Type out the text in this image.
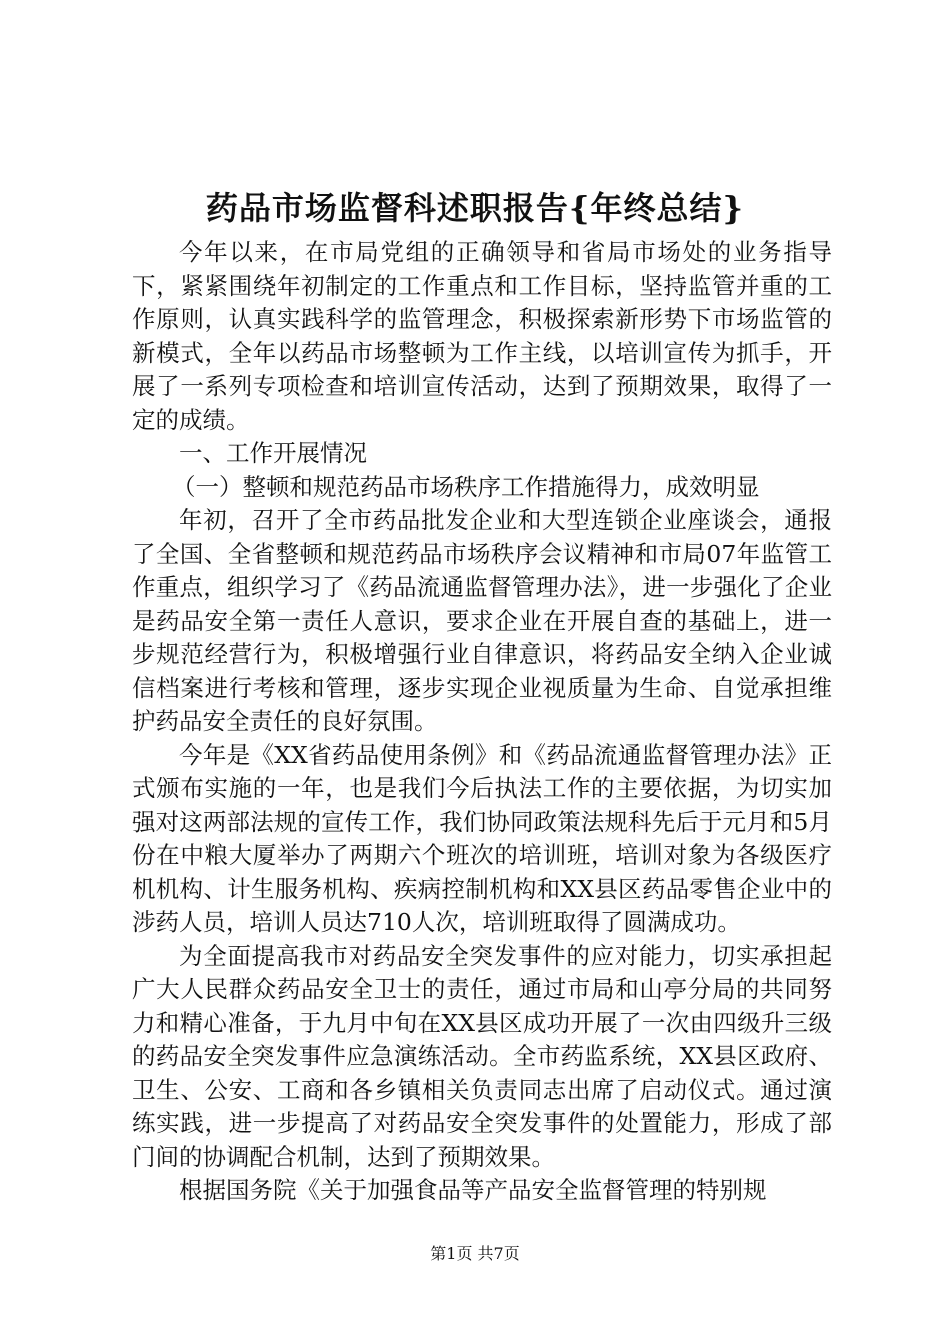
药品市场监督科述职报告{年终总结}

今年以来，在市局党组的正确领导和省局市场处的业务指导下，紧紧围绕年初制定的工作重点和工作目标，坚持监管并重的工作原则，认真实践科学的监管理念，积极探索新形势下市场监管的新模式，全年以药品市场整顿为工作主线，以培训宣传为抓手，开展了一系列专项检查和培训宣传活动，达到了预期效果，取得了一定的成绩。

一、工作开展情况

（一）整顿和规范药品市场秩序工作措施得力，成效明显

年初，召开了全市药品批发企业和大型连锁企业座谈会，通报了全国、全省整顿和规范药品市场秩序会议精神和市局07年监管工作重点，组织学习了《药品流通监督管理办法》，进一步强化了企业是药品安全第一责任人意识，要求企业在开展自查的基础上，进一步规范经营行为，积极增强行业自律意识，将药品安全纳入企业诚信档案进行考核和管理，逐步实现企业视质量为生命、自觉承担维护药品安全责任的良好氛围。

今年是《XX省药品使用条例》和《药品流通监督管理办法》正式颁布实施的一年，也是我们今后执法工作的主要依据，为切实加强对这两部法规的宣传工作，我们协同政策法规科先后于元月和5月份在中粮大厦举办了两期六个班次的培训班，培训对象为各级医疗机机构、计生服务机构、疾病控制机构和XX县区药品零售企业中的涉药人员，培训人员达710人次，培训班取得了圆满成功。

为全面提高我市对药品安全突发事件的应对能力，切实承担起广大人民群众药品安全卫士的责任，通过市局和山亭分局的共同努力和精心准备，于九月中旬在XX县区成功开展了一次由四级升三级的药品安全突发事件应急演练活动。全市药监系统，XX县区政府、卫生、公安、工商和各乡镇相关负责同志出席了启动仪式。通过演练实践，进一步提高了对药品安全突发事件的处置能力，形成了部门间的协调配合机制，达到了预期效果。

根据国务院《关于加强食品等产品安全监督管理的特别规

第1页 共7页
